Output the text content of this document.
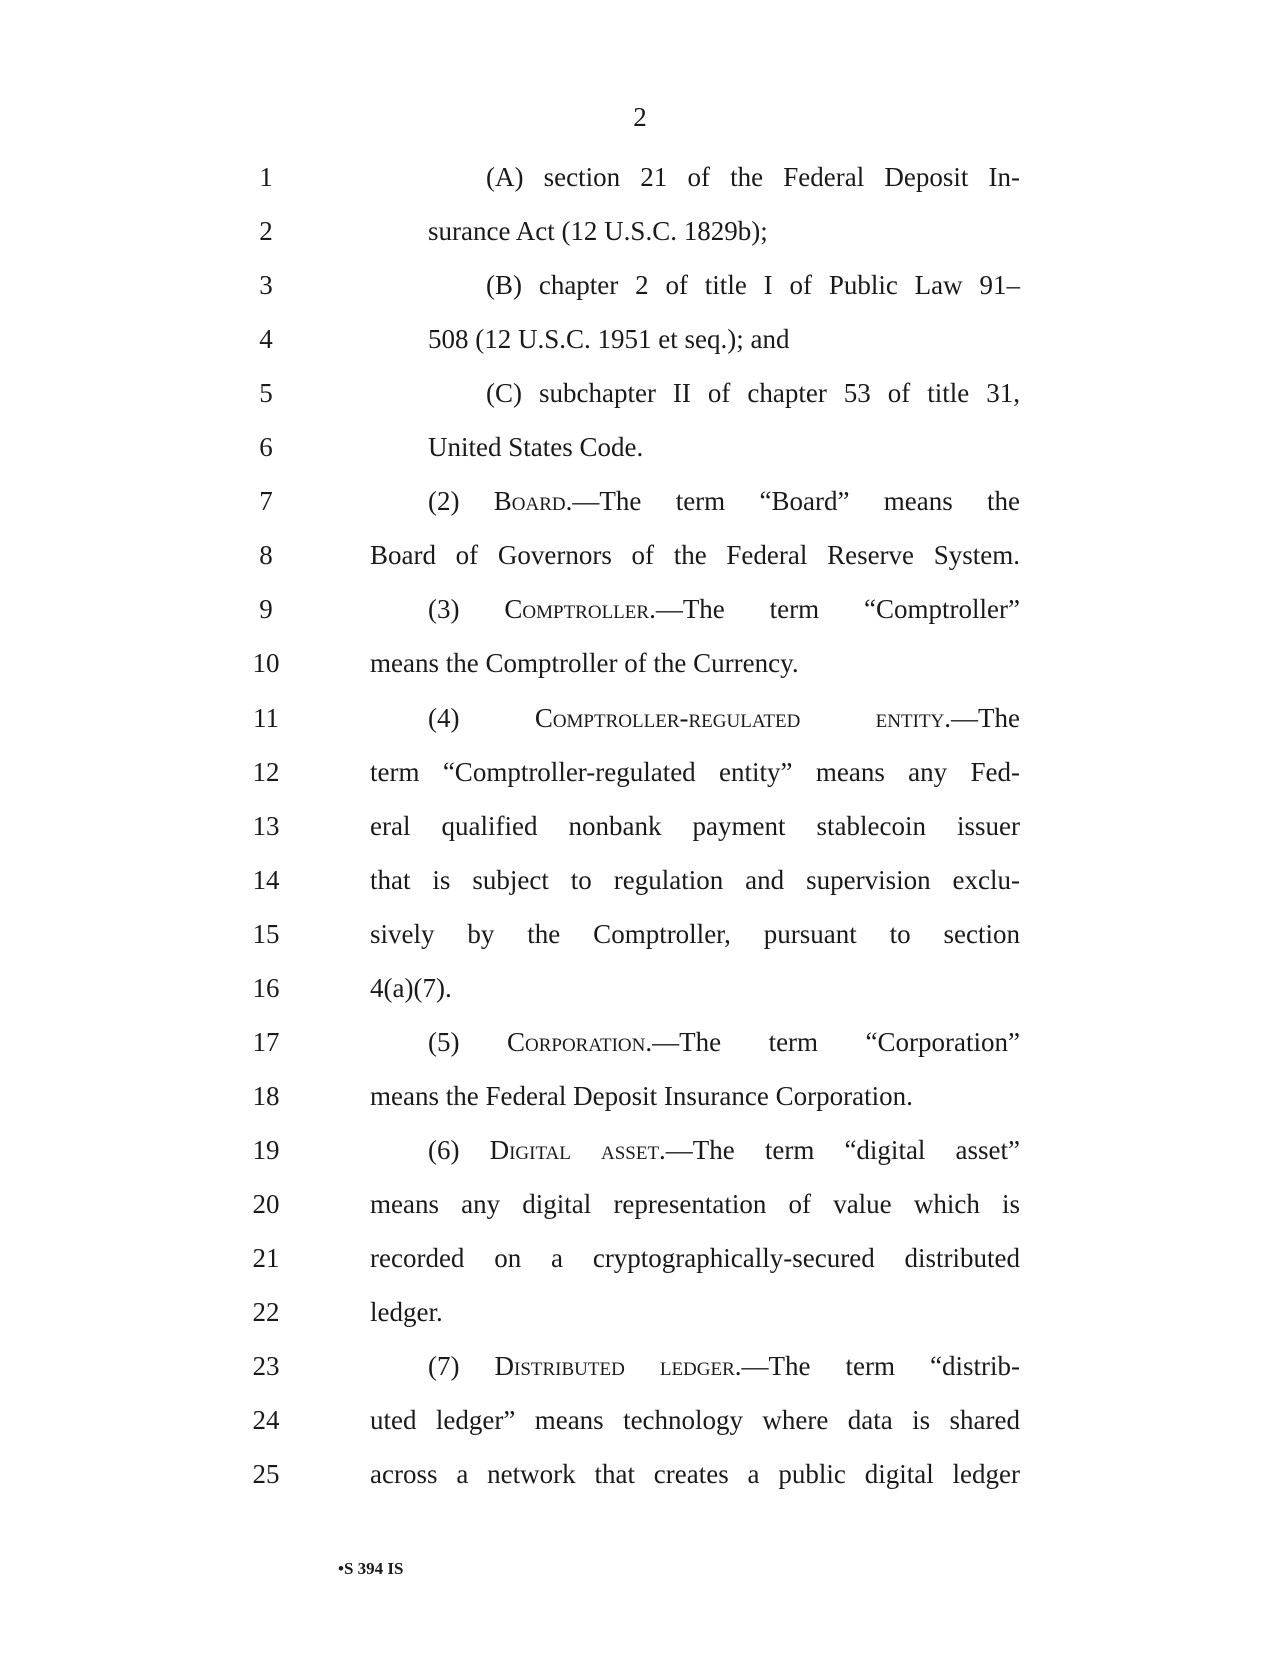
2
1	(A) section 21 of the Federal Deposit In-
2	surance Act (12 U.S.C. 1829b);
3	(B) chapter 2 of title I of Public Law 91–
4	508 (12 U.S.C. 1951 et seq.); and
5	(C) subchapter II of chapter 53 of title 31,
6	United States Code.
7	(2) Board.—The term “Board” means the
8	Board of Governors of the Federal Reserve System.
9	(3) Comptroller.—The term “Comptroller”
10	means the Comptroller of the Currency.
11	(4) Comptroller-regulated entity.—The
12	term “Comptroller-regulated entity” means any Fed-
13	eral qualified nonbank payment stablecoin issuer
14	that is subject to regulation and supervision exclu-
15	sively by the Comptroller, pursuant to section
16	4(a)(7).
17	(5) Corporation.—The term “Corporation”
18	means the Federal Deposit Insurance Corporation.
19	(6) Digital asset.—The term “digital asset”
20	means any digital representation of value which is
21	recorded on a cryptographically-secured distributed
22	ledger.
23	(7) Distributed ledger.—The term “distrib-
24	uted ledger” means technology where data is shared
25	across a network that creates a public digital ledger
•S 394 IS
